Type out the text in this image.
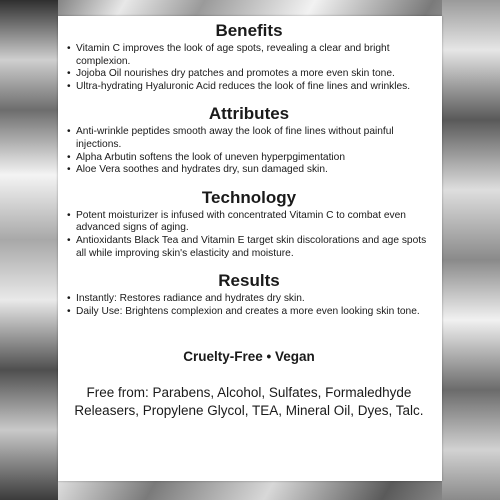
Benefits
• Vitamin C improves the look of age spots, revealing a clear and bright complexion.
• Jojoba Oil nourishes dry patches and promotes a more even skin tone.
• Ultra-hydrating Hyaluronic Acid reduces the look of fine lines and wrinkles.
Attributes
• Anti-wrinkle peptides smooth away the look of fine lines without painful injections.
• Alpha Arbutin softens the look of uneven hyperpgimentation
• Aloe Vera soothes and hydrates dry, sun damaged skin.
Technology
• Potent moisturizer is infused with concentrated Vitamin C to combat even advanced signs of aging.
• Antioxidants Black Tea and Vitamin E target skin discolorations and age spots all while improving skin's elasticity and moisture.
Results
• Instantly: Restores radiance and hydrates dry skin.
• Daily Use: Brightens complexion and creates a more even looking skin tone.
Cruelty-Free • Vegan
Free from: Parabens, Alcohol, Sulfates, Formaledhyde Releasers, Propylene Glycol, TEA, Mineral Oil, Dyes, Talc.
